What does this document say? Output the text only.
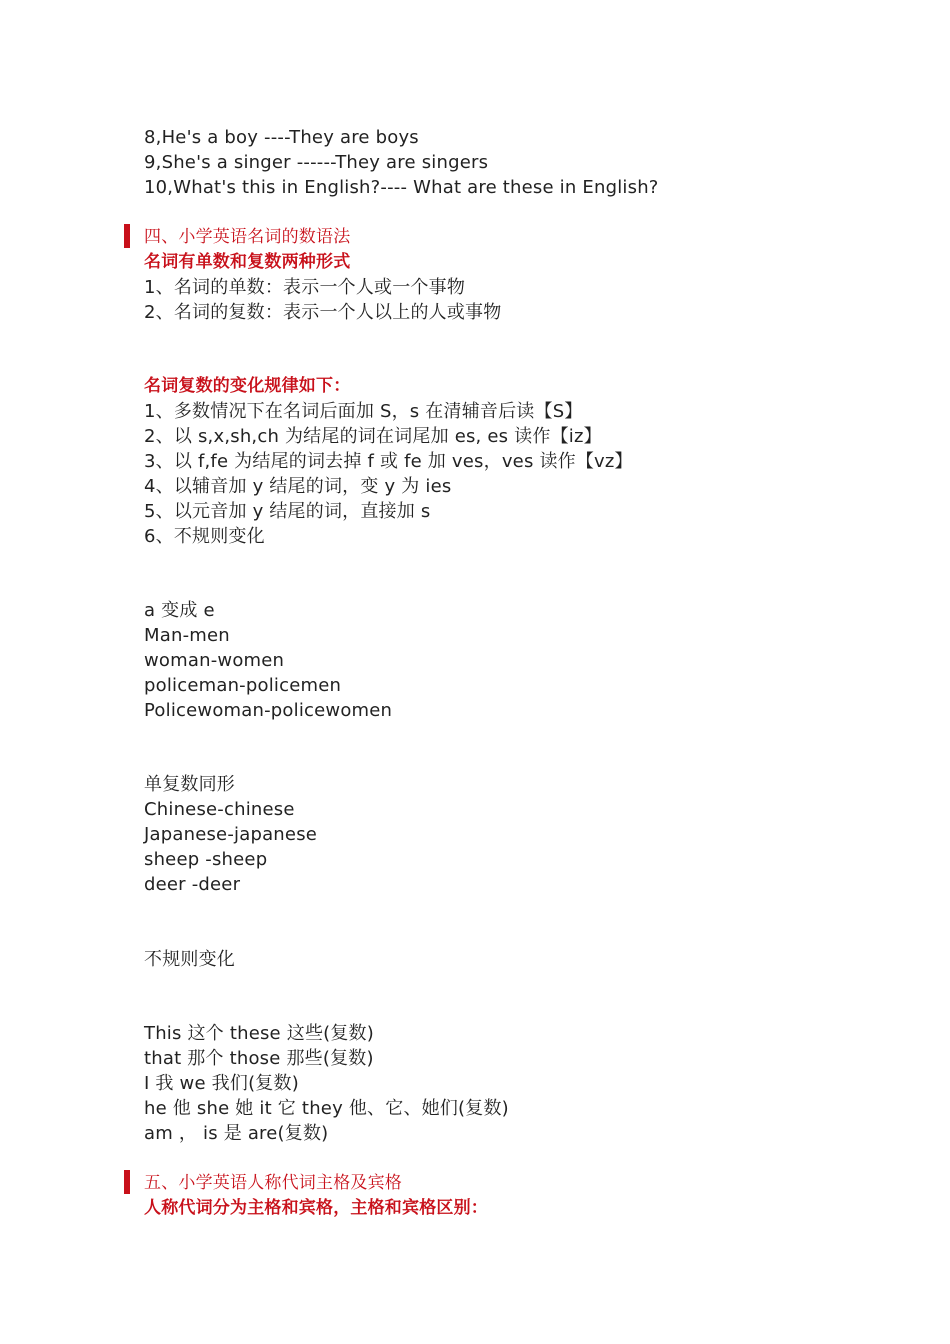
8,He's a boy ----They are boys
9,She's a singer ------They are singers
10,What's this in English?---- What are these in English?
四、小学英语名词的数语法
名词有单数和复数两种形式
1、名词的单数：表示一个人或一个事物
2、名词的复数：表示一个人以上的人或事物
名词复数的变化规律如下：
1、多数情况下在名词后面加 S，s 在清辅音后读【S】
2、以 s,x,sh,ch 为结尾的词在词尾加 es, es 读作【iz】
3、以 f,fe 为结尾的词去掉 f 或 fe 加 ves，ves 读作【vz】
4、以辅音加 y 结尾的词，变 y 为 ies
5、以元音加 y 结尾的词，直接加 s
6、不规则变化
a 变成 e
Man-men
woman-women
policeman-policemen
Policewoman-policewomen
单复数同形
Chinese-chinese
Japanese-japanese
sheep -sheep
deer -deer
不规则变化
This 这个 these 这些(复数)
that 那个 those 那些(复数)
I 我 we 我们(复数)
he 他 she 她 it 它 they 他、它、她们(复数)
am ， is 是 are(复数)
五、小学英语人称代词主格及宾格
人称代词分为主格和宾格，主格和宾格区别：
